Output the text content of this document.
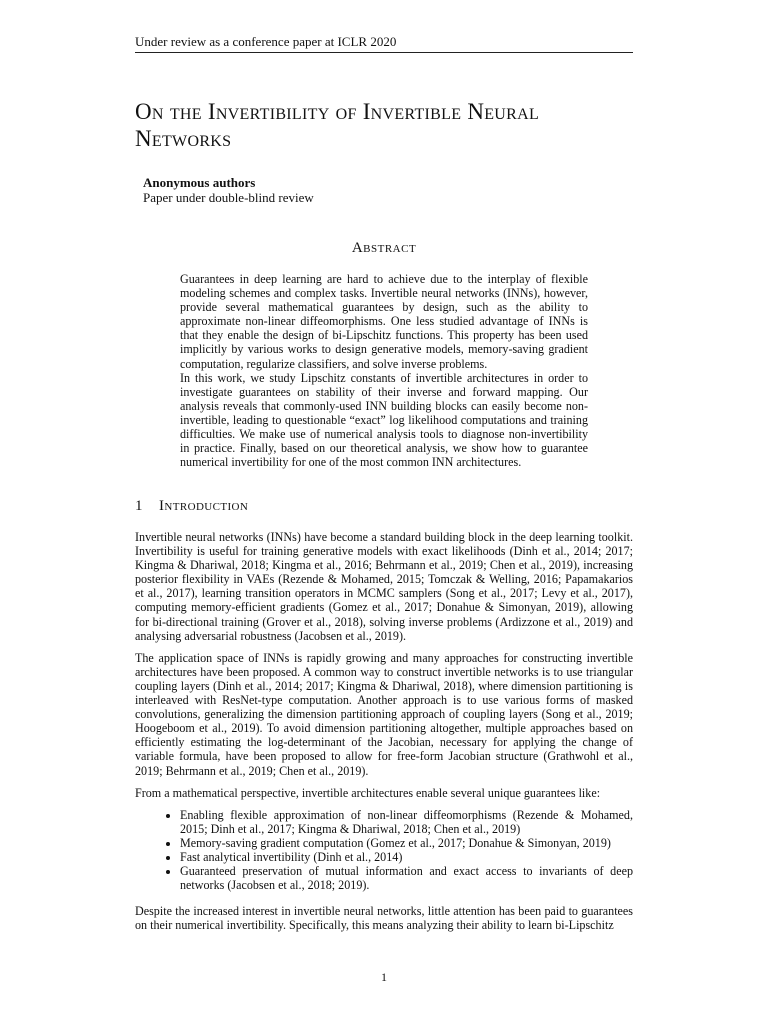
Under review as a conference paper at ICLR 2020
On the Invertibility of Invertible Neural Networks
Anonymous authors
Paper under double-blind review
Abstract

Guarantees in deep learning are hard to achieve due to the interplay of flexible modeling schemes and complex tasks. Invertible neural networks (INNs), however, provide several mathematical guarantees by design, such as the ability to approximate non-linear diffeomorphisms. One less studied advantage of INNs is that they enable the design of bi-Lipschitz functions. This property has been used implicitly by various works to design generative models, memory-saving gradient computation, regularize classifiers, and solve inverse problems.

In this work, we study Lipschitz constants of invertible architectures in order to investigate guarantees on stability of their inverse and forward mapping. Our analysis reveals that commonly-used INN building blocks can easily become non-invertible, leading to questionable “exact” log likelihood computations and training difficulties. We make use of numerical analysis tools to diagnose non-invertibility in practice. Finally, based on our theoretical analysis, we show how to guarantee numerical invertibility for one of the most common INN architectures.

1 Introduction

Invertible neural networks (INNs) have become a standard building block in the deep learning toolkit. Invertibility is useful for training generative models with exact likelihoods (Dinh et al., 2014; 2017; Kingma & Dhariwal, 2018; Kingma et al., 2016; Behrmann et al., 2019; Chen et al., 2019), increasing posterior flexibility in VAEs (Rezende & Mohamed, 2015; Tomczak & Welling, 2016; Papamakarios et al., 2017), learning transition operators in MCMC samplers (Song et al., 2017; Levy et al., 2017), computing memory-efficient gradients (Gomez et al., 2017; Donahue & Simonyan, 2019), allowing for bi-directional training (Grover et al., 2018), solving inverse problems (Ardizzone et al., 2019) and analysing adversarial robustness (Jacobsen et al., 2019).

The application space of INNs is rapidly growing and many approaches for constructing invertible architectures have been proposed. A common way to construct invertible networks is to use triangular coupling layers (Dinh et al., 2014; 2017; Kingma & Dhariwal, 2018), where dimension partitioning is interleaved with ResNet-type computation. Another approach is to use various forms of masked convolutions, generalizing the dimension partitioning approach of coupling layers (Song et al., 2019; Hoogeboom et al., 2019). To avoid dimension partitioning altogether, multiple approaches based on efficiently estimating the log-determinant of the Jacobian, necessary for applying the change of variable formula, have been proposed to allow for free-form Jacobian structure (Grathwohl et al., 2019; Behrmann et al., 2019; Chen et al., 2019).

From a mathematical perspective, invertible architectures enable several unique guarantees like:

• Enabling flexible approximation of non-linear diffeomorphisms (Rezende & Mohamed, 2015; Dinh et al., 2017; Kingma & Dhariwal, 2018; Chen et al., 2019)
• Memory-saving gradient computation (Gomez et al., 2017; Donahue & Simonyan, 2019)
• Fast analytical invertibility (Dinh et al., 2014)
• Guaranteed preservation of mutual information and exact access to invariants of deep networks (Jacobsen et al., 2018; 2019).

Despite the increased interest in invertible neural networks, little attention has been paid to guarantees on their numerical invertibility. Specifically, this means analyzing their ability to learn bi-Lipschitz

1
